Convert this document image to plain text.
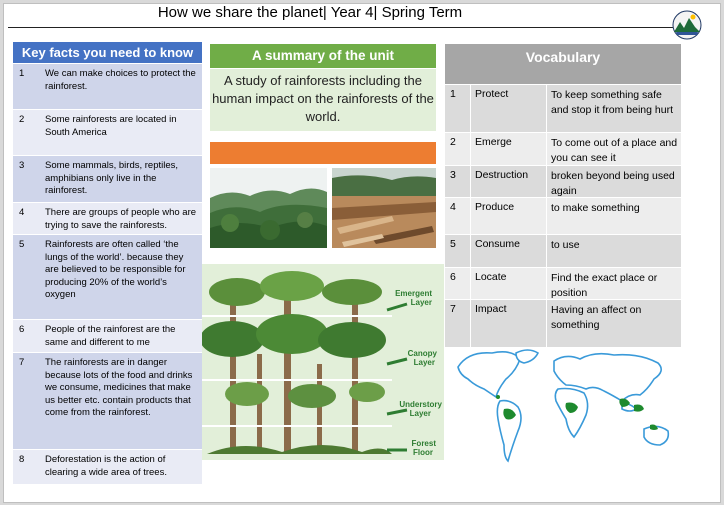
How we share the planet| Year 4| Spring Term
Key facts you need to know
1	We can make choices to protect the rainforest.
2	Some rainforests are located in South America
3	Some mammals, birds, reptiles, amphibians only live in the rainforest.
4	There are groups of people who are trying to save the rainforests.
5	Rainforests are often called ‘the lungs of the world’. because they are believed to be responsible for producing 20% of the world’s oxygen
6	People of the rainforest are the same and different to me
7	The rainforests are in danger because lots of the food and drinks we consume, medicines that make us better etc. contain products that come from the rainforest.
8	Deforestation is the action of clearing a wide area of trees.
A summary of the unit
A study of rainforests including the human impact on the rainforests of the world.
Emergent
Layer
Canopy
Layer
Understory
Layer
Forest
Floor
Vocabulary
1	Protect	To keep something safe and stop it from being hurt
2	Emerge	To come out of a place and you can see it
3	Destruction	broken beyond being used again
4	Produce	to make something
5	Consume	to use
6	Locate	Find the exact place or position
7	Impact	Having an affect on something
